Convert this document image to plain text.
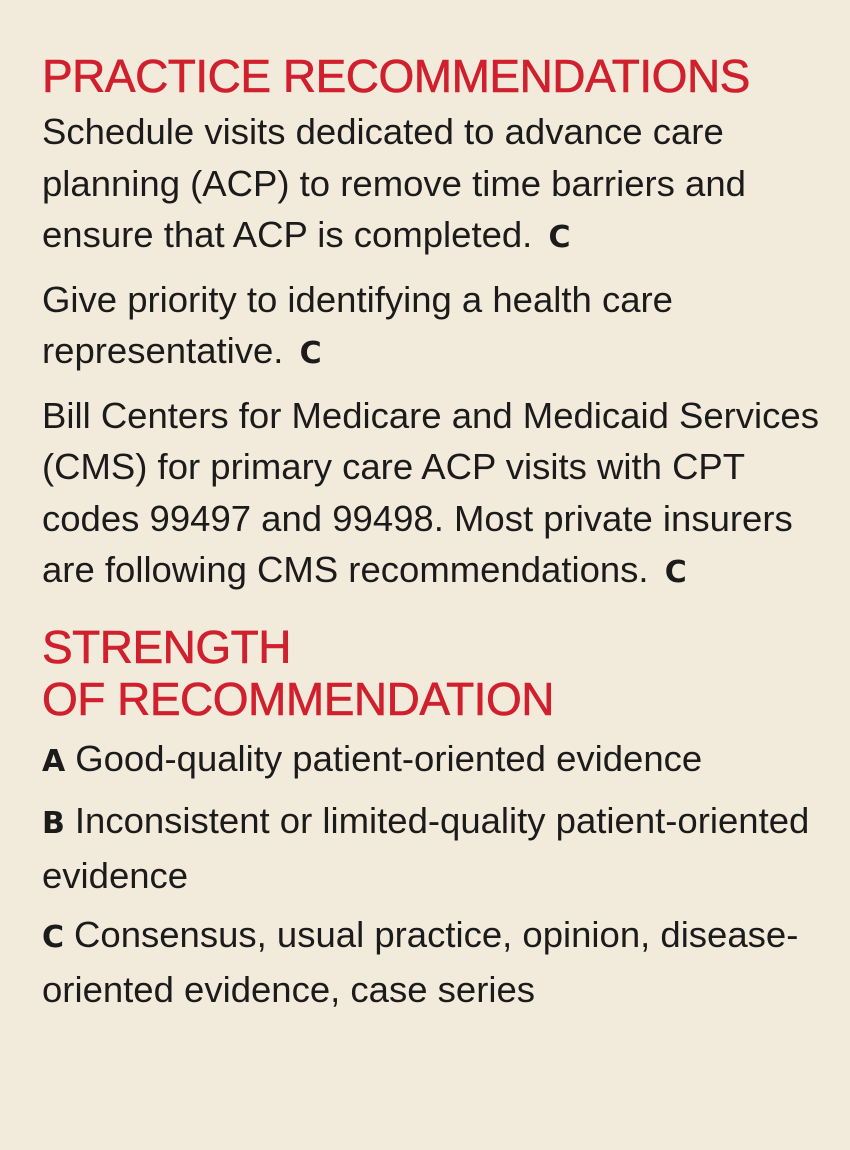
PRACTICE RECOMMENDATIONS

Schedule visits dedicated to advance care planning (ACP) to remove time barriers and ensure that ACP is completed. C

Give priority to identifying a health care representative. C

Bill Centers for Medicare and Medicaid Services (CMS) for primary care ACP visits with CPT codes 99497 and 99498. Most private insurers are following CMS recommendations. C

STRENGTH
OF RECOMMENDATION

A Good-quality patient-oriented evidence

B Inconsistent or limited-quality patient-oriented evidence

C Consensus, usual practice, opinion, disease-oriented evidence, case series
